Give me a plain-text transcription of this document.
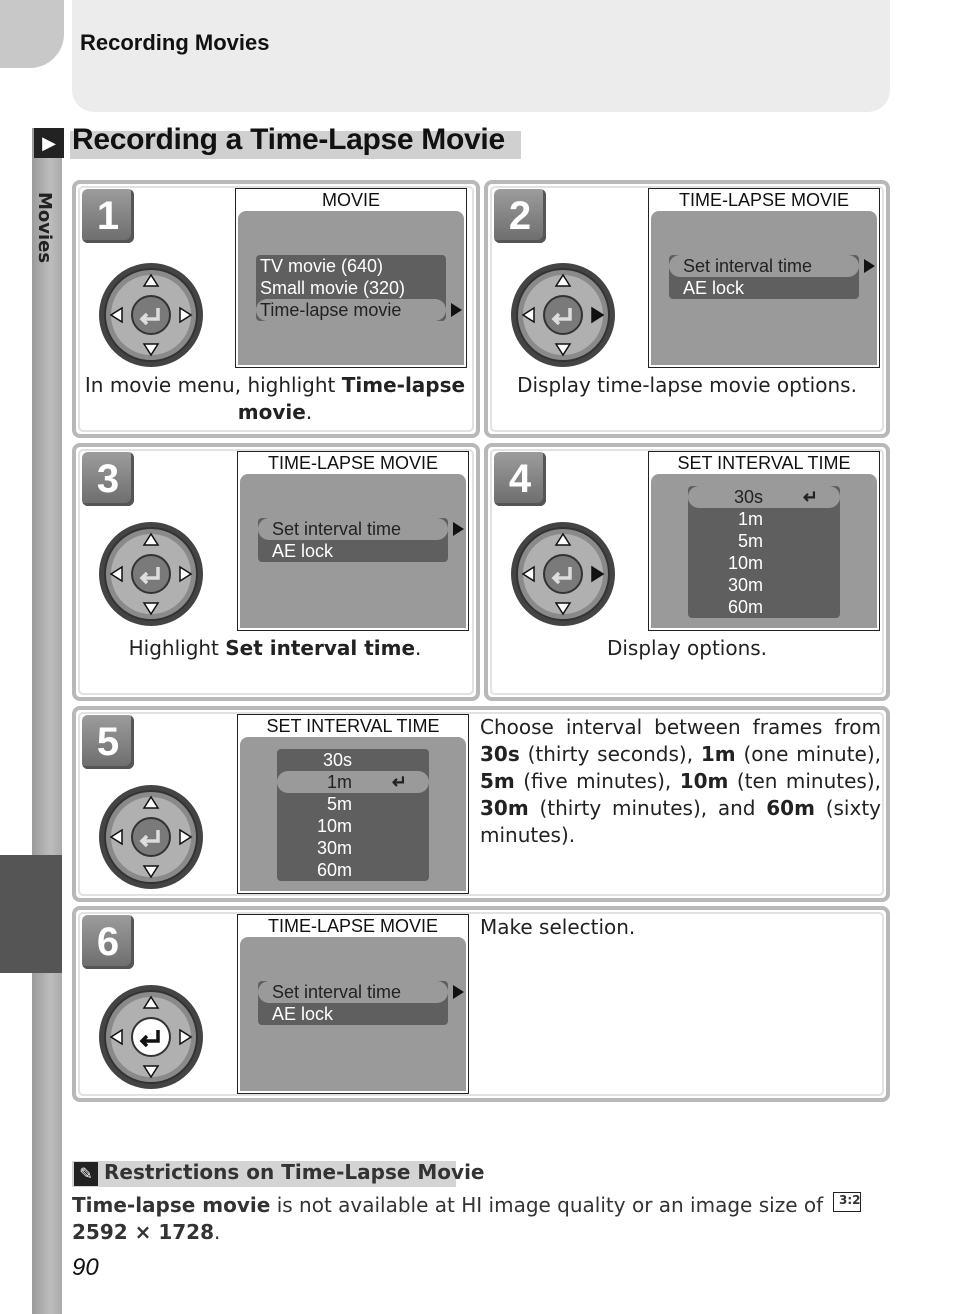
Recording Movies
Movies
▶ Recording a Time-Lapse Movie
1	MOVIE
TV movie (640)
Small movie (320)
Time-lapse movie
In movie menu, highlight Time-lapse movie.
2	TIME-LAPSE MOVIE
Set interval time
AE lock
Display time-lapse movie options.
3	TIME-LAPSE MOVIE
Set interval time
AE lock
Highlight Set interval time.
4	SET INTERVAL TIME
30s ↵
1m
5m
10m
30m
60m
Display options.
5	SET INTERVAL TIME
30s
1m ↵
5m
10m
30m
60m
Choose interval between frames from 30s (thirty seconds), 1m (one minute), 5m (five minutes), 10m (ten minutes), 30m (thirty minutes), and 60m (sixty minutes).
6	TIME-LAPSE MOVIE
Set interval time
AE lock
Make selection.
✎ Restrictions on Time-Lapse Movie
Time-lapse movie is not available at HI image quality or an image size of 3:2
2592 × 1728.
90
